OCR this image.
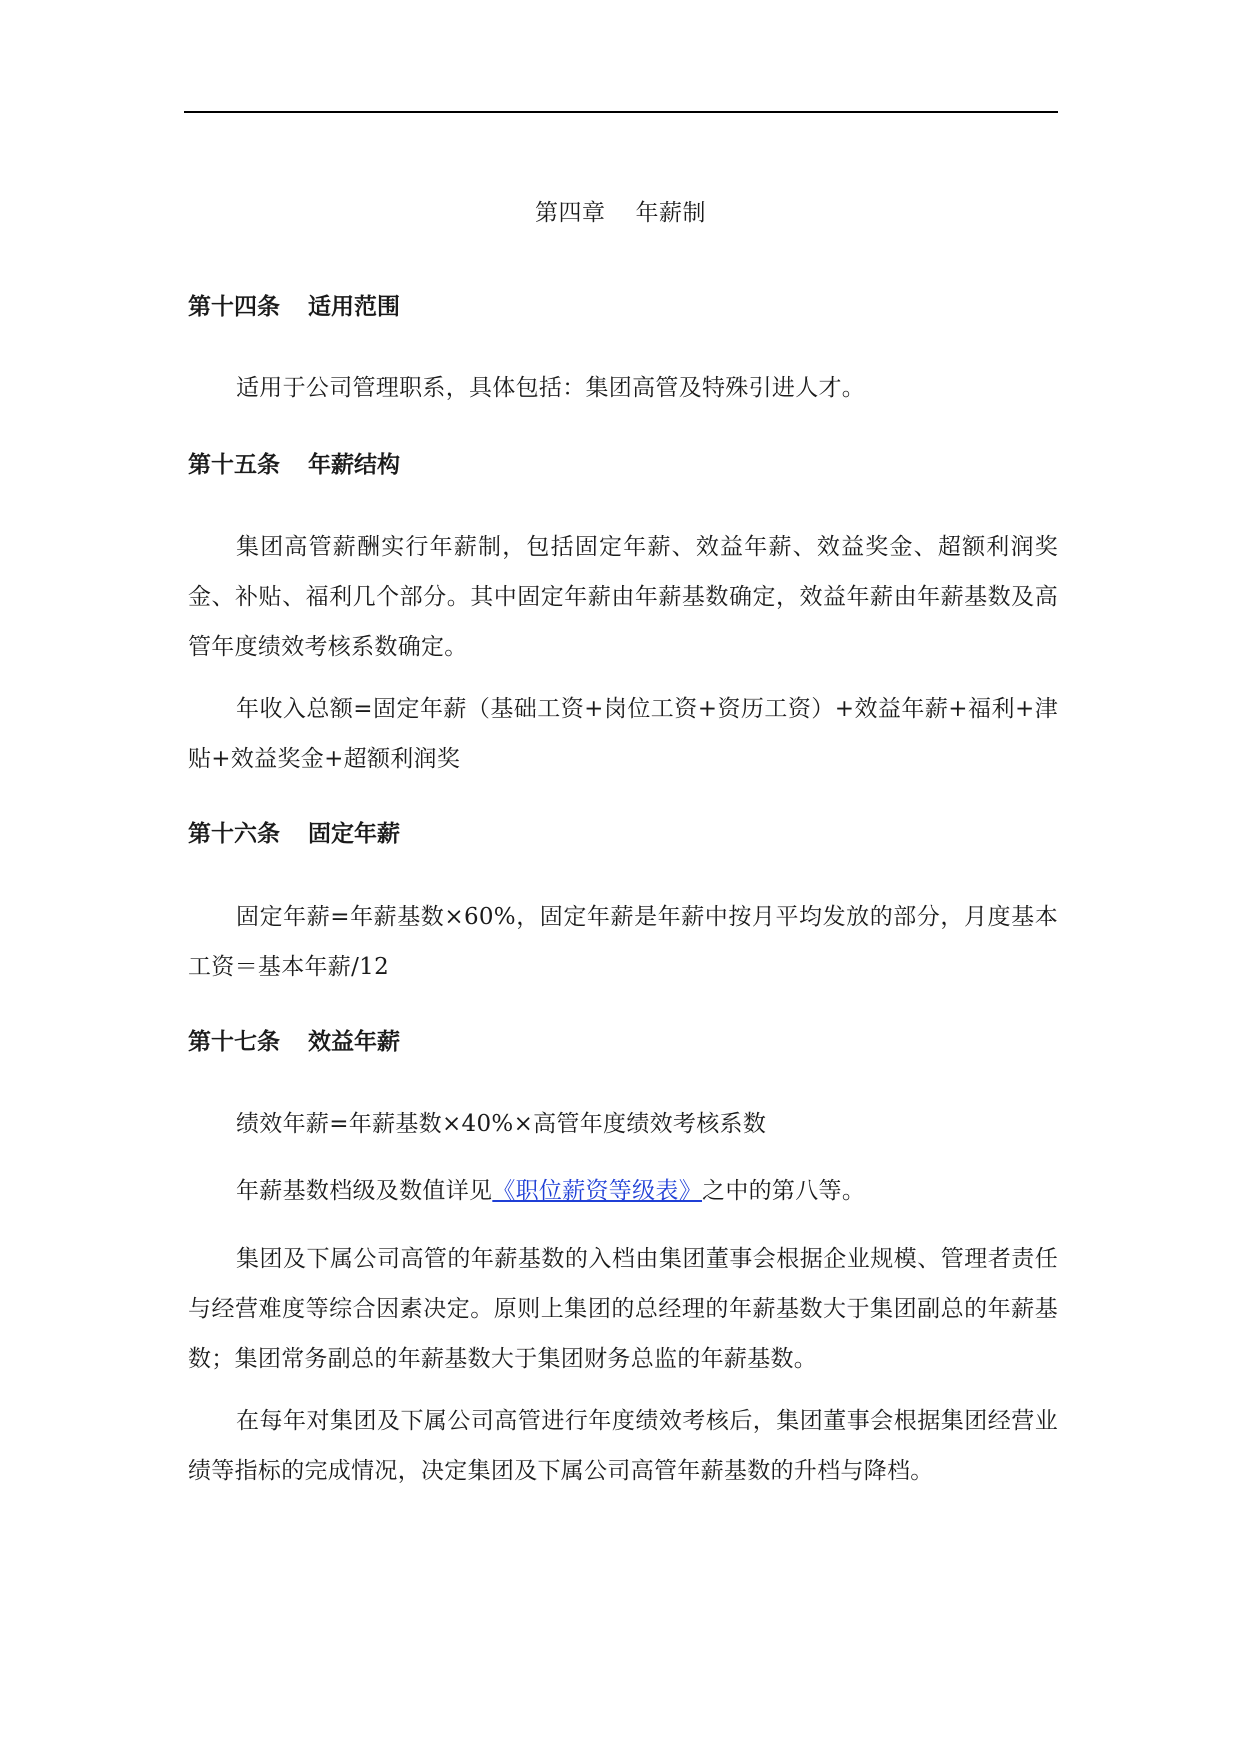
第四章 年薪制
第十四条 适用范围
适用于公司管理职系，具体包括：集团高管及特殊引进人才。
第十五条 年薪结构
集团高管薪酬实行年薪制，包括固定年薪、效益年薪、效益奖金、超额利润奖金、补贴、福利几个部分。其中固定年薪由年薪基数确定，效益年薪由年薪基数及高管年度绩效考核系数确定。
年收入总额=固定年薪（基础工资+岗位工资+资历工资）+效益年薪+福利+津贴+效益奖金+超额利润奖
第十六条 固定年薪
固定年薪=年薪基数×60%，固定年薪是年薪中按月平均发放的部分，月度基本工资＝基本年薪/12
第十七条 效益年薪
绩效年薪=年薪基数×40%×高管年度绩效考核系数
年薪基数档级及数值详见《职位薪资等级表》之中的第八等。
集团及下属公司高管的年薪基数的入档由集团董事会根据企业规模、管理者责任与经营难度等综合因素决定。原则上集团的总经理的年薪基数大于集团副总的年薪基数；集团常务副总的年薪基数大于集团财务总监的年薪基数。
在每年对集团及下属公司高管进行年度绩效考核后，集团董事会根据集团经营业绩等指标的完成情况，决定集团及下属公司高管年薪基数的升档与降档。
